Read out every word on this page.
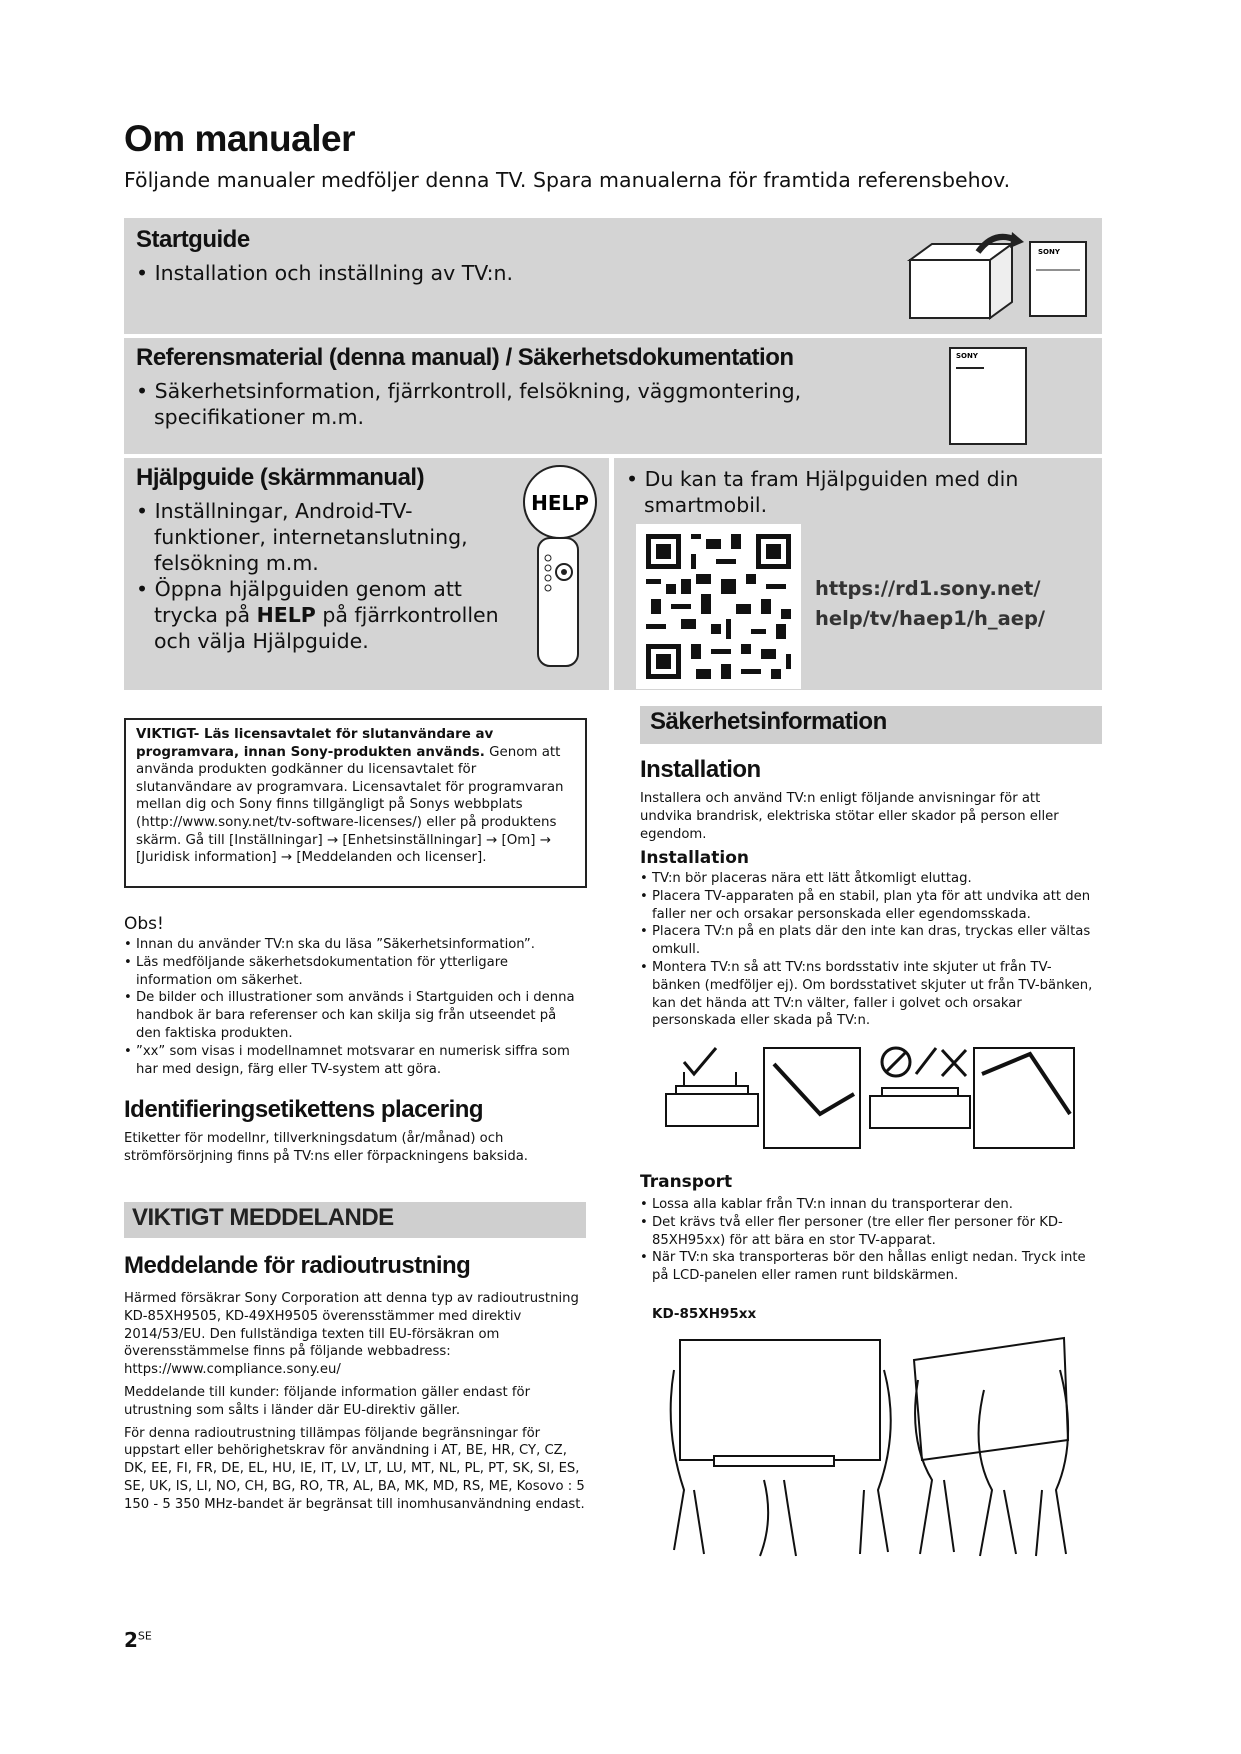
Om manualer
Följande manualer medföljer denna TV. Spara manualerna för framtida referensbehov.
Startguide
• Installation och inställning av TV:n.
SONY
Referensmaterial (denna manual) / Säkerhetsdokumentation
• Säkerhetsinformation, fjärrkontroll, felsökning, väggmontering, specifikationer m.m.
SONY
Hjälpguide (skärmmanual)
• Inställningar, Android-TV-funktioner, internetanslutning, felsökning m.m.
• Öppna hjälpguiden genom att trycka på HELP på fjärrkontrollen och välja Hjälpguide.
HELP
• Du kan ta fram Hjälpguiden med din smartmobil.
https://rd1.sony.net/
help/tv/haep1/h_aep/
VIKTIGT- Läs licensavtalet för slutanvändare av programvara, innan Sony-produkten används. Genom att använda produkten godkänner du licensavtalet för slutanvändare av programvara. Licensavtalet för programvaran mellan dig och Sony finns tillgängligt på Sonys webbplats (http://www.sony.net/tv-software-licenses/) eller på produktens skärm. Gå till [Inställningar] → [Enhetsinställningar] → [Om] → [Juridisk information] → [Meddelanden och licenser].
Obs!
• Innan du använder TV:n ska du läsa ”Säkerhetsinformation”.
• Läs medföljande säkerhetsdokumentation för ytterligare information om säkerhet.
• De bilder och illustrationer som används i Startguiden och i denna handbok är bara referenser och kan skilja sig från utseendet på den faktiska produkten.
• ”xx” som visas i modellnamnet motsvarar en numerisk siffra som har med design, färg eller TV-system att göra.
Identifieringsetikettens placering
Etiketter för modellnr, tillverkningsdatum (år/månad) och strömförsörjning finns på TV:ns eller förpackningens baksida.
VIKTIGT MEDDELANDE
Meddelande för radioutrustning

Härmed försäkrar Sony Corporation att denna typ av radioutrustning KD-85XH9505, KD-49XH9505 överensstämmer med direktiv 2014/53/EU. Den fullständiga texten till EU-försäkran om överensstämmelse finns på följande webbadress: https://www.compliance.sony.eu/

Meddelande till kunder: följande information gäller endast för utrustning som sålts i länder där EU-direktiv gäller.

För denna radioutrustning tillämpas följande begränsningar för uppstart eller behörighetskrav för användning i AT, BE, HR, CY, CZ, DK, EE, FI, FR, DE, EL, HU, IE, IT, LV, LT, LU, MT, NL, PL, PT, SK, SI, ES, SE, UK, IS, LI, NO, CH, BG, RO, TR, AL, BA, MK, MD, RS, ME, Kosovo : 5 150 - 5 350 MHz-bandet är begränsat till inomhusanvändning endast.

Säkerhetsinformation
Installation
Installera och använd TV:n enligt följande anvisningar för att undvika brandrisk, elektriska stötar eller skador på person eller egendom.
Installation
• TV:n bör placeras nära ett lätt åtkomligt eluttag.
• Placera TV-apparaten på en stabil, plan yta för att undvika att den faller ner och orsakar personskada eller egendomsskada.
• Placera TV:n på en plats där den inte kan dras, tryckas eller vältas omkull.
• Montera TV:n så att TV:ns bordsstativ inte skjuter ut från TV-bänken (medföljer ej). Om bordsstativet skjuter ut från TV-bänken, kan det hända att TV:n välter, faller i golvet och orsakar personskada eller skada på TV:n.
Transport
• Lossa alla kablar från TV:n innan du transporterar den.
• Det krävs två eller fler personer (tre eller fler personer för KD-85XH95xx) för att bära en stor TV-apparat.
• När TV:n ska transporteras bör den hållas enligt nedan. Tryck inte på LCD-panelen eller ramen runt bildskärmen.
KD-85XH95xx
$2^{SE}$
